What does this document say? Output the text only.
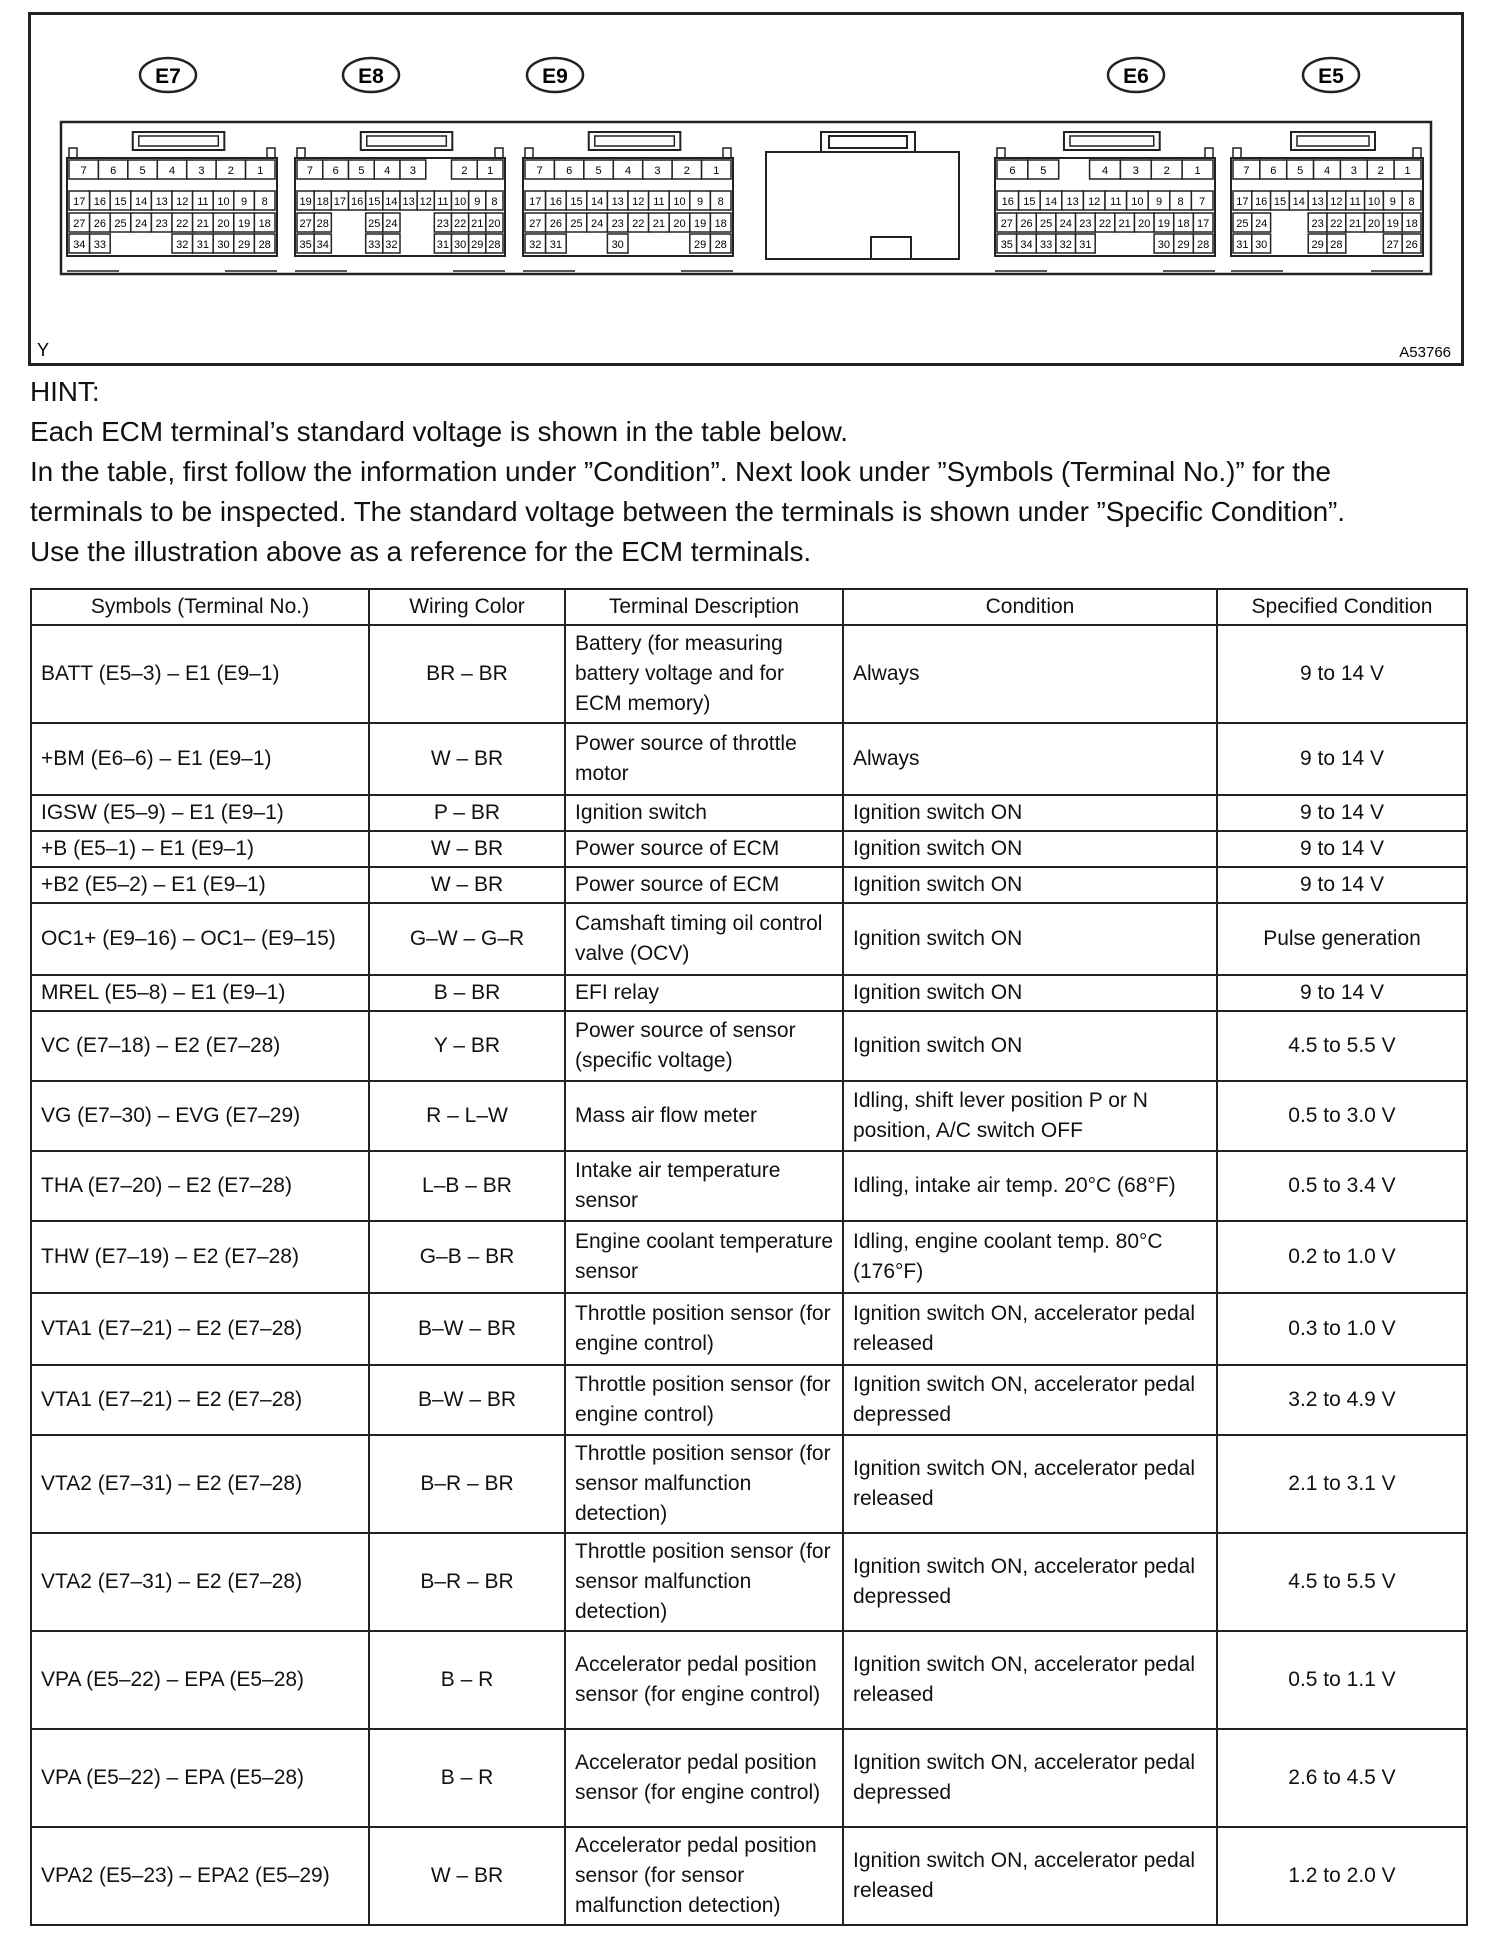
E7	E8	E9	E6	E5
7 6 5 4 3 2 1
17 16 15 14 13 12 11 10 9 8
27 26 25 24 23 22 21 20 19 18
34 33	32 31 30 29 28
7 6 5 4 3	2 1
19 18 17 16 15 14 13 12 11 10 9 8
27 28	25 24	23 22 21 20
35 34	33 32	31 30 29 28
7 6 5 4 3 2 1
17 16 15 14 13 12 11 10 9 8
27 26 25 24 23 22 21 20 19 18
32 31	30	29 28
6 5	4 3 2 1
16 15 14 13 12 11 10 9 8 7
27 26 25 24 23 22 21 20 19 18 17
35 34 33 32 31	30 29 28
7 6 5 4 3 2 1
17 16 15 14 13 12 11 10 9 8
25 24	23 22 21 20 19 18
31 30	29 28	27 26
Y	A53766
HINT:
Each ECM terminal’s standard voltage is shown in the table below.
In the table, first follow the information under ”Condition”. Next look under ”Symbols (Terminal No.)” for the
terminals to be inspected. The standard voltage between the terminals is shown under ”Specific Condition”.
Use the illustration above as a reference for the ECM terminals.
Symbols (Terminal No.)	Wiring Color	Terminal Description	Condition	Specified Condition
BATT (E5–3) – E1 (E9–1)	BR – BR	Battery (for measuring battery voltage and for ECM memory)	Always	9 to 14 V
+BM (E6–6) – E1 (E9–1)	W – BR	Power source of throttle motor	Always	9 to 14 V
IGSW (E5–9) – E1 (E9–1)	P – BR	Ignition switch	Ignition switch ON	9 to 14 V
+B (E5–1) – E1 (E9–1)	W – BR	Power source of ECM	Ignition switch ON	9 to 14 V
+B2 (E5–2) – E1 (E9–1)	W – BR	Power source of ECM	Ignition switch ON	9 to 14 V
OC1+ (E9–16) – OC1– (E9–15)	G–W – G–R	Camshaft timing oil control valve (OCV)	Ignition switch ON	Pulse generation
MREL (E5–8) – E1 (E9–1)	B – BR	EFI relay	Ignition switch ON	9 to 14 V
VC (E7–18) – E2 (E7–28)	Y – BR	Power source of sensor (specific voltage)	Ignition switch ON	4.5 to 5.5 V
VG (E7–30) – EVG (E7–29)	R – L–W	Mass air flow meter	Idling, shift lever position P or N position, A/C switch OFF	0.5 to 3.0 V
THA (E7–20) – E2 (E7–28)	L–B – BR	Intake air temperature sensor	Idling, intake air temp. 20°C (68°F)	0.5 to 3.4 V
THW (E7–19) – E2 (E7–28)	G–B – BR	Engine coolant temperature sensor	Idling, engine coolant temp. 80°C (176°F)	0.2 to 1.0 V
VTA1 (E7–21) – E2 (E7–28)	B–W – BR	Throttle position sensor (for engine control)	Ignition switch ON, accelerator pedal released	0.3 to 1.0 V
VTA1 (E7–21) – E2 (E7–28)	B–W – BR	Throttle position sensor (for engine control)	Ignition switch ON, accelerator pedal depressed	3.2 to 4.9 V
VTA2 (E7–31) – E2 (E7–28)	B–R – BR	Throttle position sensor (for sensor malfunction detection)	Ignition switch ON, accelerator pedal released	2.1 to 3.1 V
VTA2 (E7–31) – E2 (E7–28)	B–R – BR	Throttle position sensor (for sensor malfunction detection)	Ignition switch ON, accelerator pedal depressed	4.5 to 5.5 V
VPA (E5–22) – EPA (E5–28)	B – R	Accelerator pedal position sensor (for engine control)	Ignition switch ON, accelerator pedal released	0.5 to 1.1 V
VPA (E5–22) – EPA (E5–28)	B – R	Accelerator pedal position sensor (for engine control)	Ignition switch ON, accelerator pedal depressed	2.6 to 4.5 V
VPA2 (E5–23) – EPA2 (E5–29)	W – BR	Accelerator pedal position sensor (for sensor malfunction detection)	Ignition switch ON, accelerator pedal released	1.2 to 2.0 V
